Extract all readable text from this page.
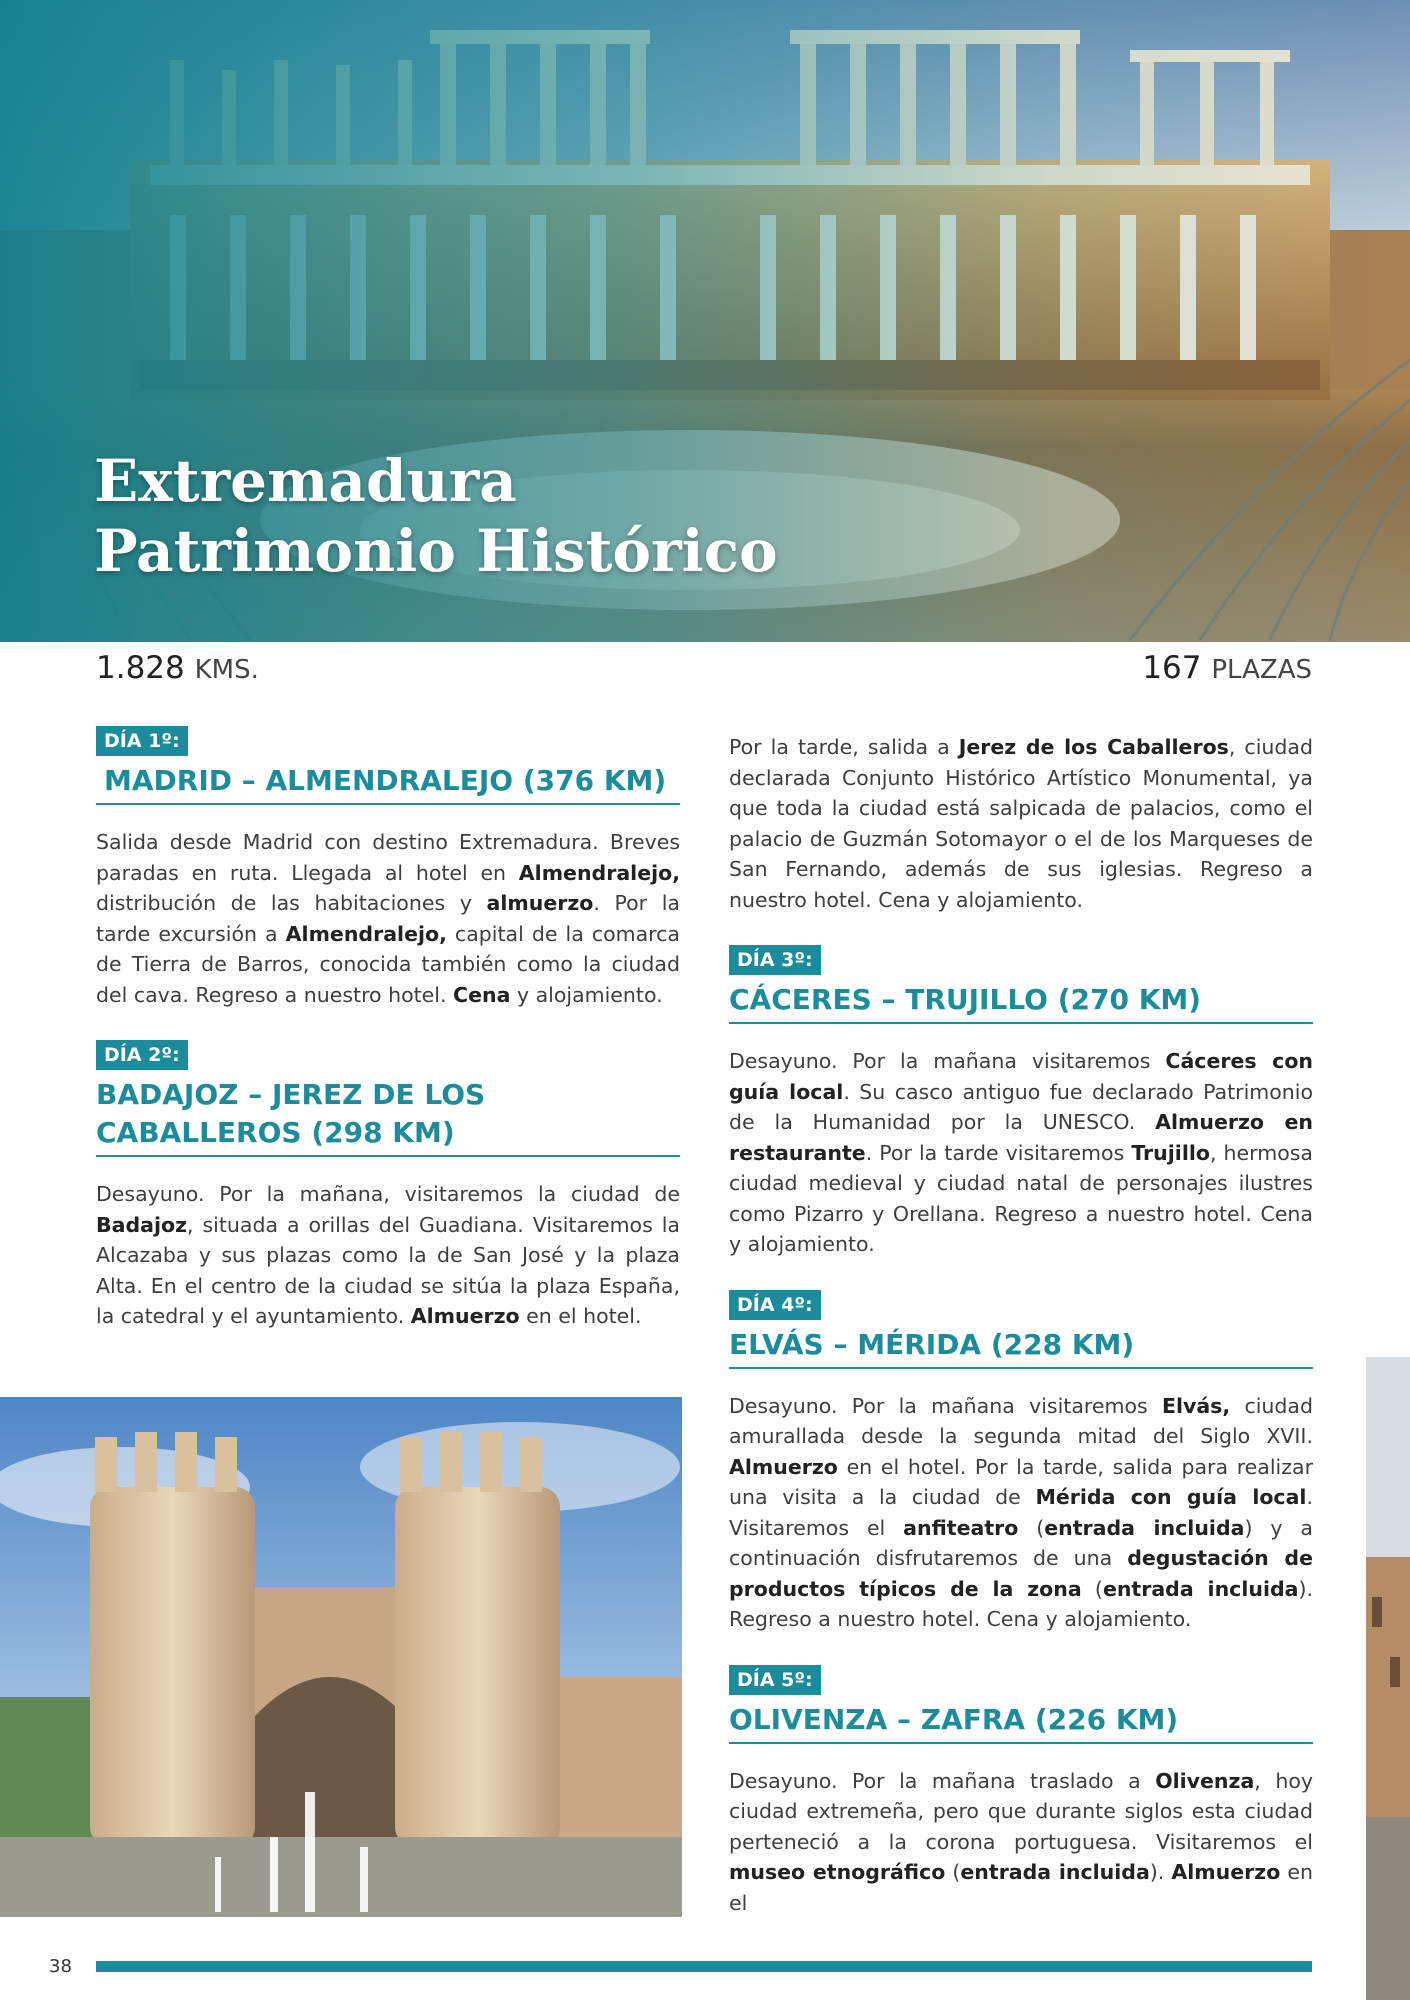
Extremadura
Patrimonio Histórico
1.828 KMS.	167 PLAZAS
DÍA 1º:
MADRID – ALMENDRALEJO (376 KM)

Salida desde Madrid con destino Extremadura. Breves paradas en ruta. Llegada al hotel en Almendralejo, distribución de las habitaciones y almuerzo. Por la tarde excursión a Almendralejo, capital de la comarca de Tierra de Barros, conocida también como la ciudad del cava. Regreso a nuestro hotel. Cena y alojamiento.

DÍA 2º:
BADAJOZ – JEREZ DE LOS CABALLEROS (298 KM)

Desayuno. Por la mañana, visitaremos la ciudad de Badajoz, situada a orillas del Guadiana. Visitaremos la Alcazaba y sus plazas como la de San José y la plaza Alta. En el centro de la ciudad se sitúa la plaza España, la catedral y el ayuntamiento. Almuerzo en el hotel.

Por la tarde, salida a Jerez de los Caballeros, ciudad declarada Conjunto Histórico Artístico Monumental, ya que toda la ciudad está salpicada de palacios, como el palacio de Guzmán Sotomayor o el de los Marqueses de San Fernando, además de sus iglesias. Regreso a nuestro hotel. Cena y alojamiento.

DÍA 3º:
CÁCERES – TRUJILLO (270 KM)

Desayuno. Por la mañana visitaremos Cáceres con guía local. Su casco antiguo fue declarado Patrimonio de la Humanidad por la UNESCO. Almuerzo en restaurante. Por la tarde visitaremos Trujillo, hermosa ciudad medieval y ciudad natal de personajes ilustres como Pizarro y Orellana. Regreso a nuestro hotel. Cena y alojamiento.

DÍA 4º:
ELVÁS – MÉRIDA (228 KM)

Desayuno. Por la mañana visitaremos Elvás, ciudad amurallada desde la segunda mitad del Siglo XVII. Almuerzo en el hotel. Por la tarde, salida para realizar una visita a la ciudad de Mérida con guía local. Visitaremos el anfiteatro (entrada incluida) y a continuación disfrutaremos de una degustación de productos típicos de la zona (entrada incluida). Regreso a nuestro hotel. Cena y alojamiento.

DÍA 5º:
OLIVENZA – ZAFRA (226 KM)

Desayuno. Por la mañana traslado a Olivenza, hoy ciudad extremeña, pero que durante siglos esta ciudad perteneció a la corona portuguesa. Visitaremos el museo etnográfico (entrada incluida). Almuerzo en el

38
